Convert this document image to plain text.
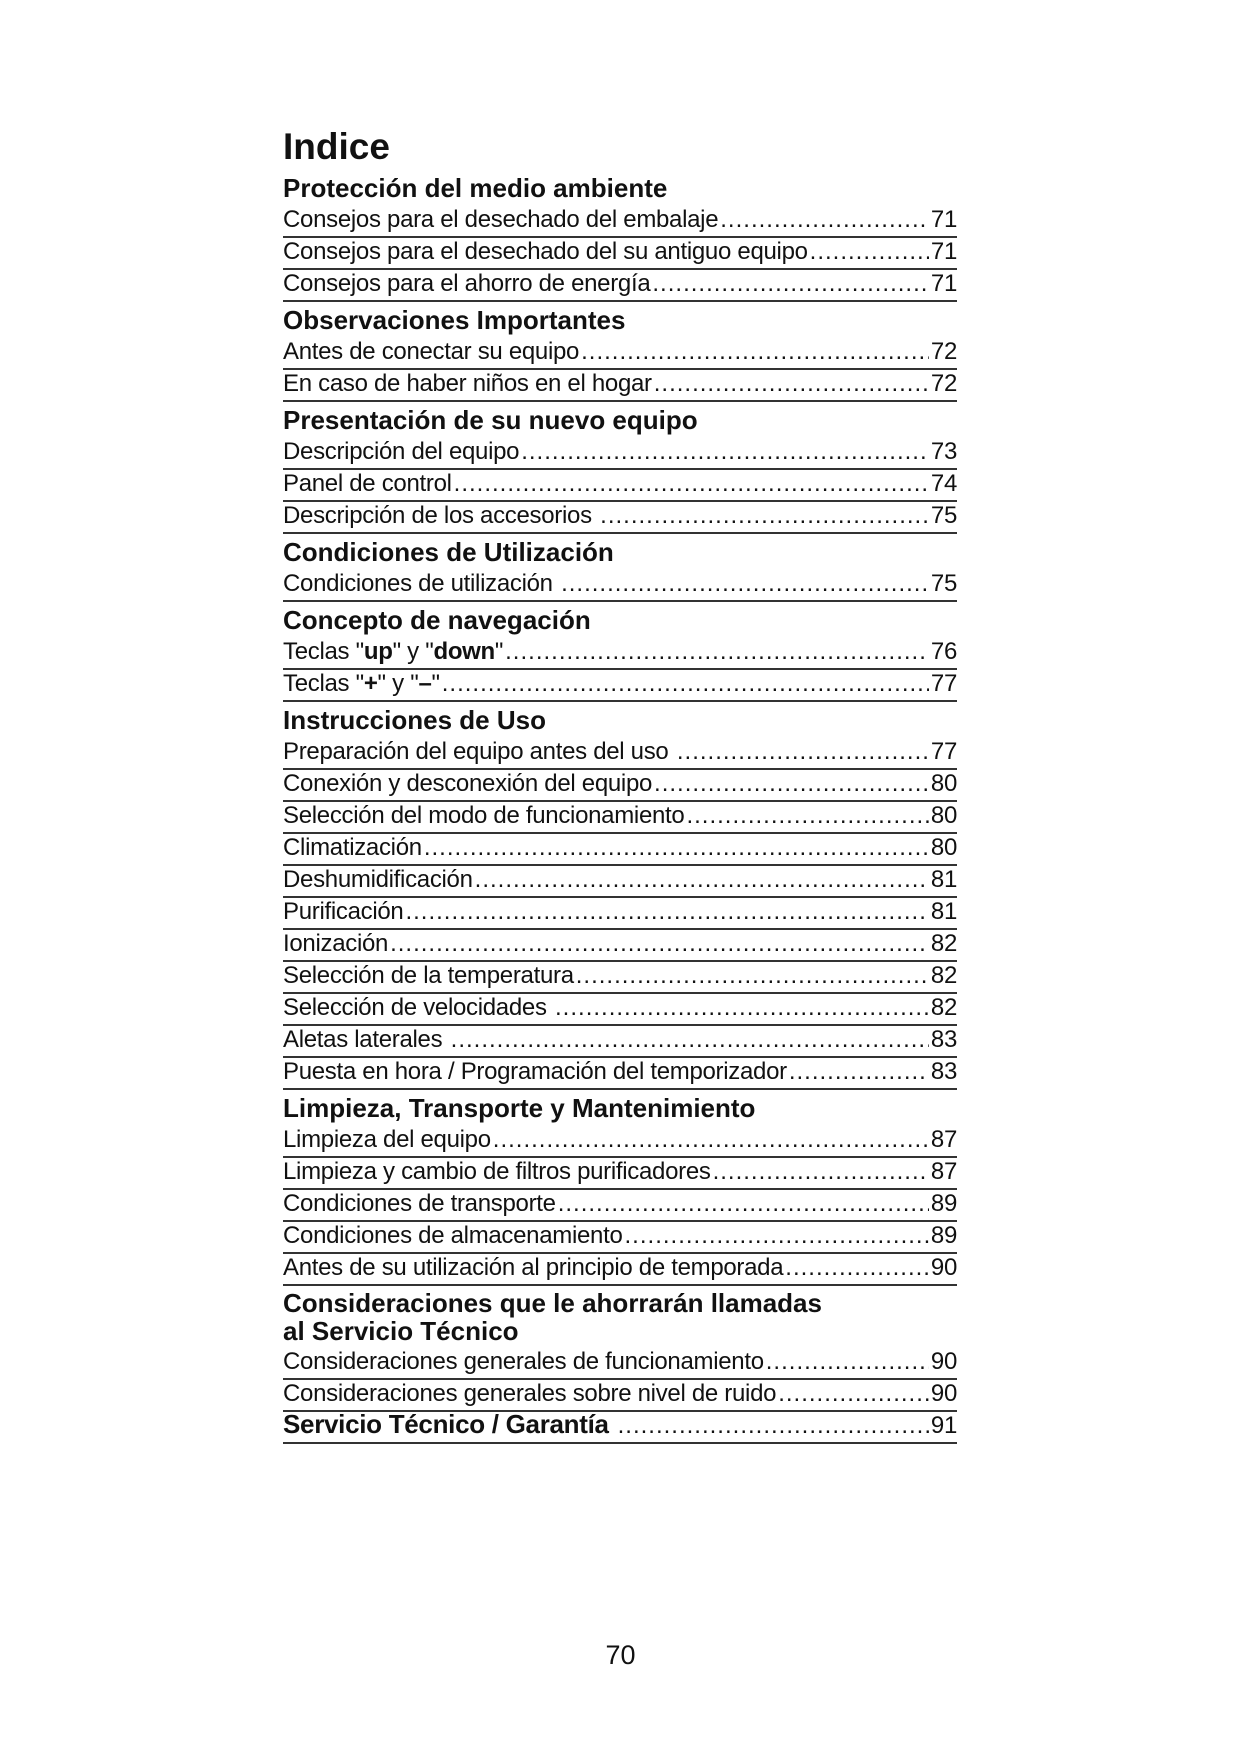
Indice
Protección del medio ambiente
Consejos para el desechado del embalaje .....	71
Consejos para el desechado del su antiguo equipo .....	71
Consejos para el ahorro de energía .....	71
Observaciones Importantes
Antes de conectar su equipo .....	72
En caso de haber niños en el hogar .....	72
Presentación de su nuevo equipo
Descripción del equipo .....	73
Panel de control .....	74
Descripción de los accesorios .....	75
Condiciones de Utilización
Condiciones de utilización .....	75
Concepto de navegación
Teclas "up" y "down" .....	76
Teclas "+" y "–" .....	77
Instrucciones de Uso
Preparación del equipo antes del uso .....	77
Conexión y desconexión del equipo .....	80
Selección del modo de funcionamiento .....	80
Climatización .....	80
Deshumidificación .....	81
Purificación .....	81
Ionización .....	82
Selección de la temperatura .....	82
Selección de velocidades .....	82
Aletas laterales .....	83
Puesta en hora / Programación del temporizador .....	83
Limpieza, Transporte y Mantenimiento
Limpieza del equipo .....	87
Limpieza y cambio de filtros purificadores .....	87
Condiciones de transporte .....	89
Condiciones de almacenamiento .....	89
Antes de su utilización al principio de temporada .....	90
Consideraciones que le ahorrarán llamadas
al Servicio Técnico
Consideraciones generales de funcionamiento .....	90
Consideraciones generales sobre nivel de ruido .....	90
Servicio Técnico / Garantía .....	91
70
